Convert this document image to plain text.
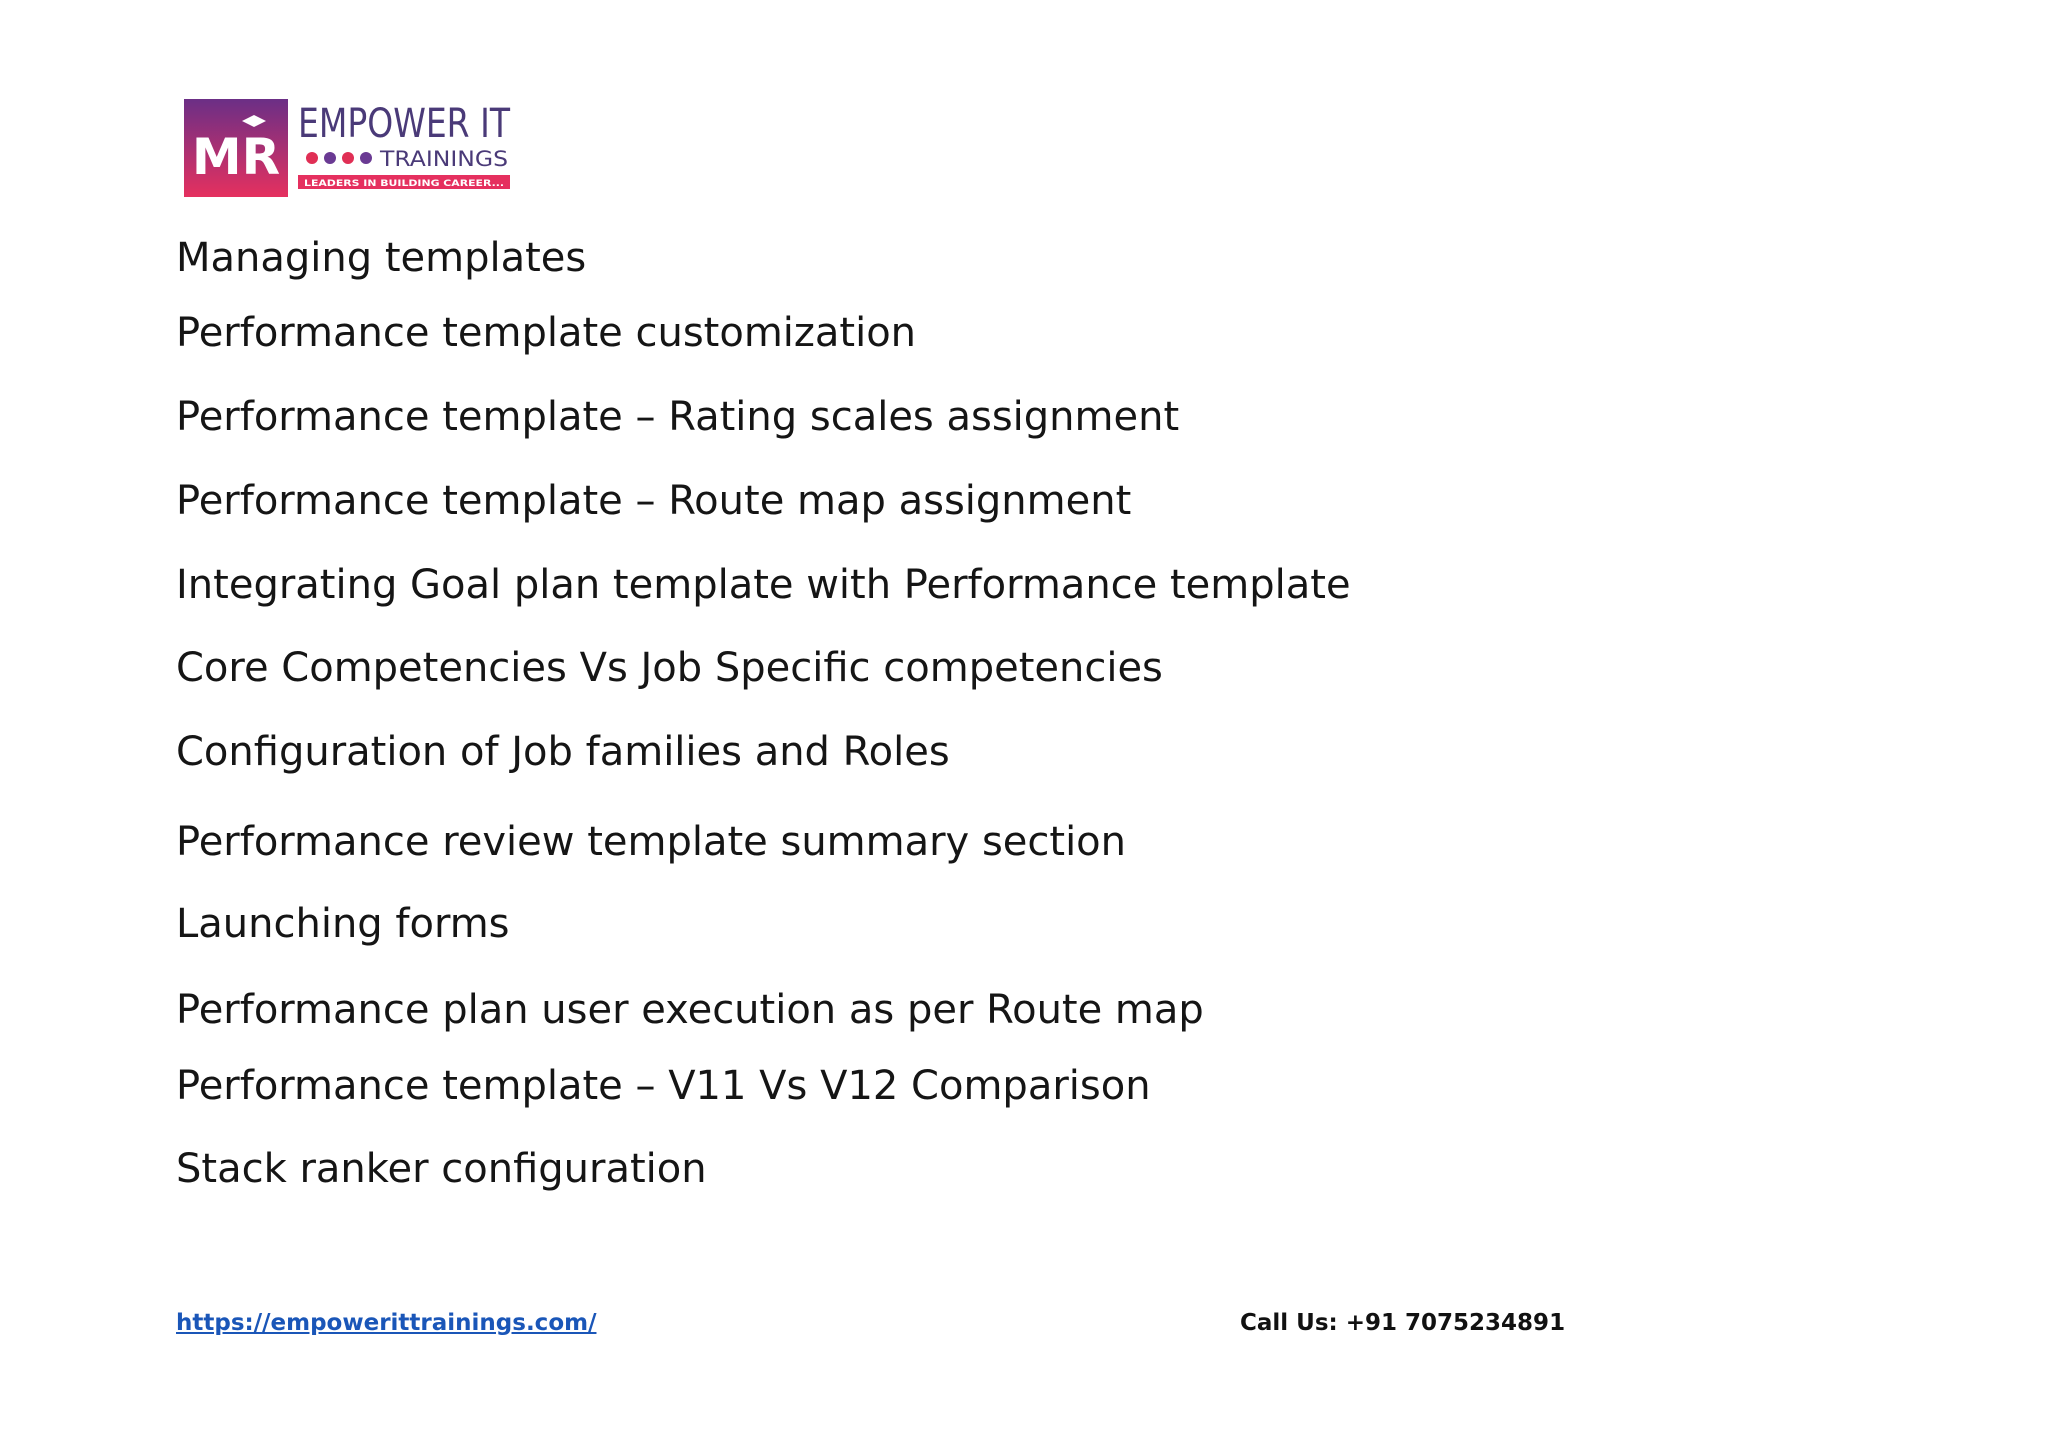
MR
EMPOWER IT
TRAININGS
LEADERS IN BUILDING CAREER...

Managing templates

Performance template customization

Performance template – Rating scales assignment

Performance template – Route map assignment

Integrating Goal plan template with Performance template

Core Competencies Vs Job Specific competencies

Configuration of Job families and Roles

Performance review template summary section

Launching forms

Performance plan user execution as per Route map

Performance template – V11 Vs V12 Comparison

Stack ranker configuration

https://empowerittrainings.com/	Call Us: +91 7075234891
